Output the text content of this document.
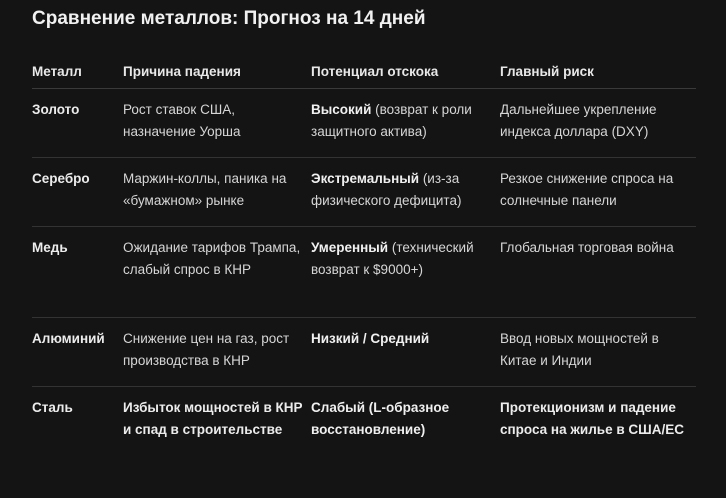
Сравнение металлов: Прогноз на 14 дней
Металл	Причина падения	Потенциал отскока	Главный риск
Золото	Рост ставок США, назначение Уорша	Высокий (возврат к роли защитного актива)	Дальнейшее укрепление индекса доллара (DXY)
Серебро	Маржин-коллы, паника на «бумажном» рынке	Экстремальный (из-за физического дефицита)	Резкое снижение спроса на солнечные панели
Медь	Ожидание тарифов Трампа, слабый спрос в КНР	Умеренный (технический возврат к $9000+)	Глобальная торговая война
Алюминий	Снижение цен на газ, рост производства в КНР	Низкий / Средний	Ввод новых мощностей в Китае и Индии
Сталь	Избыток мощностей в КНР и спад в строительстве	Слабый (L-образное восстановление)	Протекционизм и падение спроса на жилье в США/ЕС
